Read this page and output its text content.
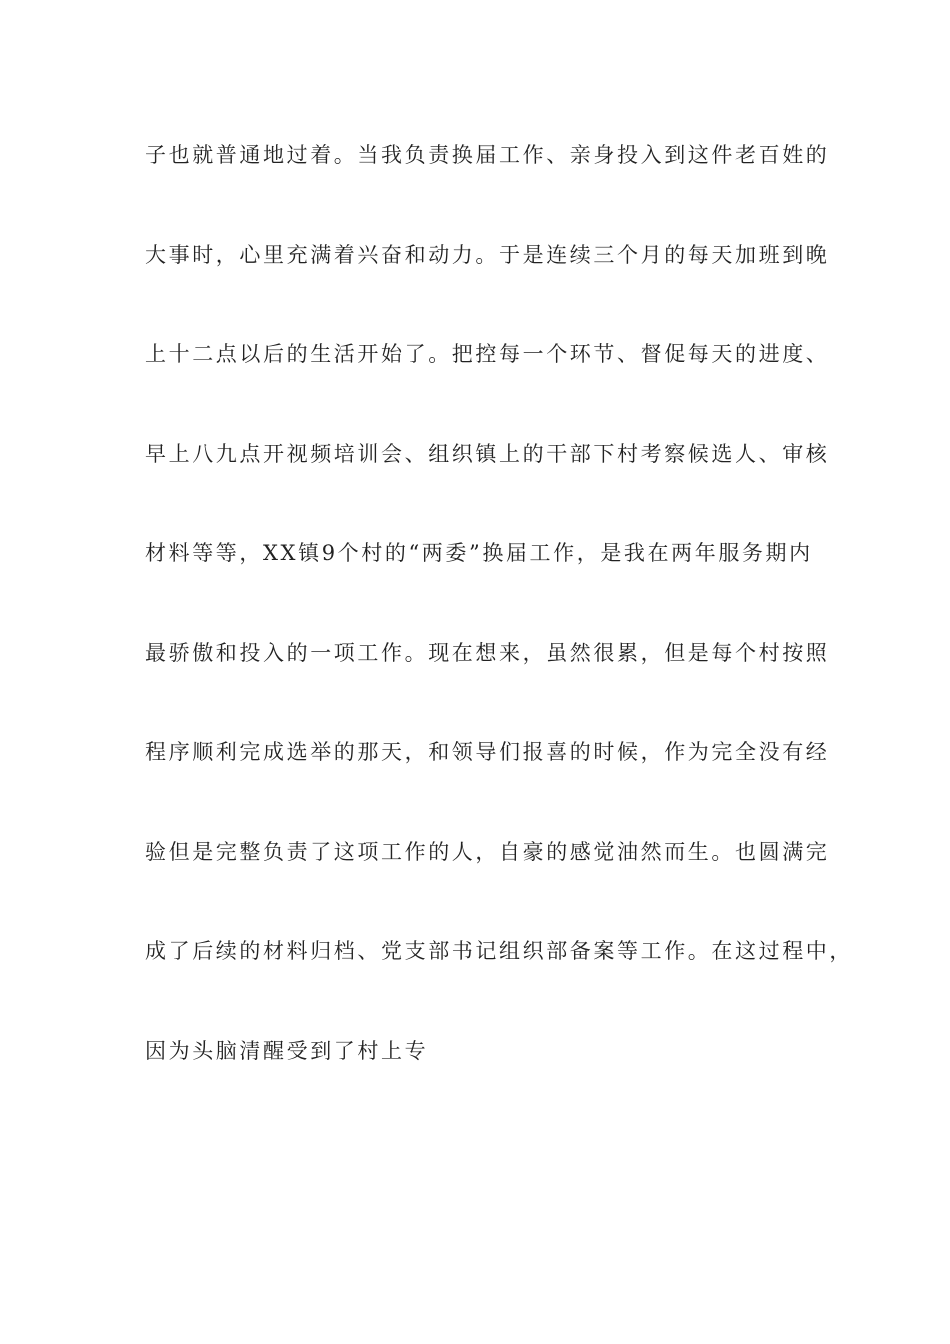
子也就普通地过着。当我负责换届工作、亲身投入到这件老百姓的
大事时，心里充满着兴奋和动力。于是连续三个月的每天加班到晚
上十二点以后的生活开始了。把控每一个环节、督促每天的进度、
早上八九点开视频培训会、组织镇上的干部下村考察候选人、审核
材料等等，XX镇9个村的“两委”换届工作，是我在两年服务期内
最骄傲和投入的一项工作。现在想来，虽然很累，但是每个村按照
程序顺利完成选举的那天，和领导们报喜的时候，作为完全没有经
验但是完整负责了这项工作的人，自豪的感觉油然而生。也圆满完
成了后续的材料归档、党支部书记组织部备案等工作。在这过程中，
因为头脑清醒受到了村上专
